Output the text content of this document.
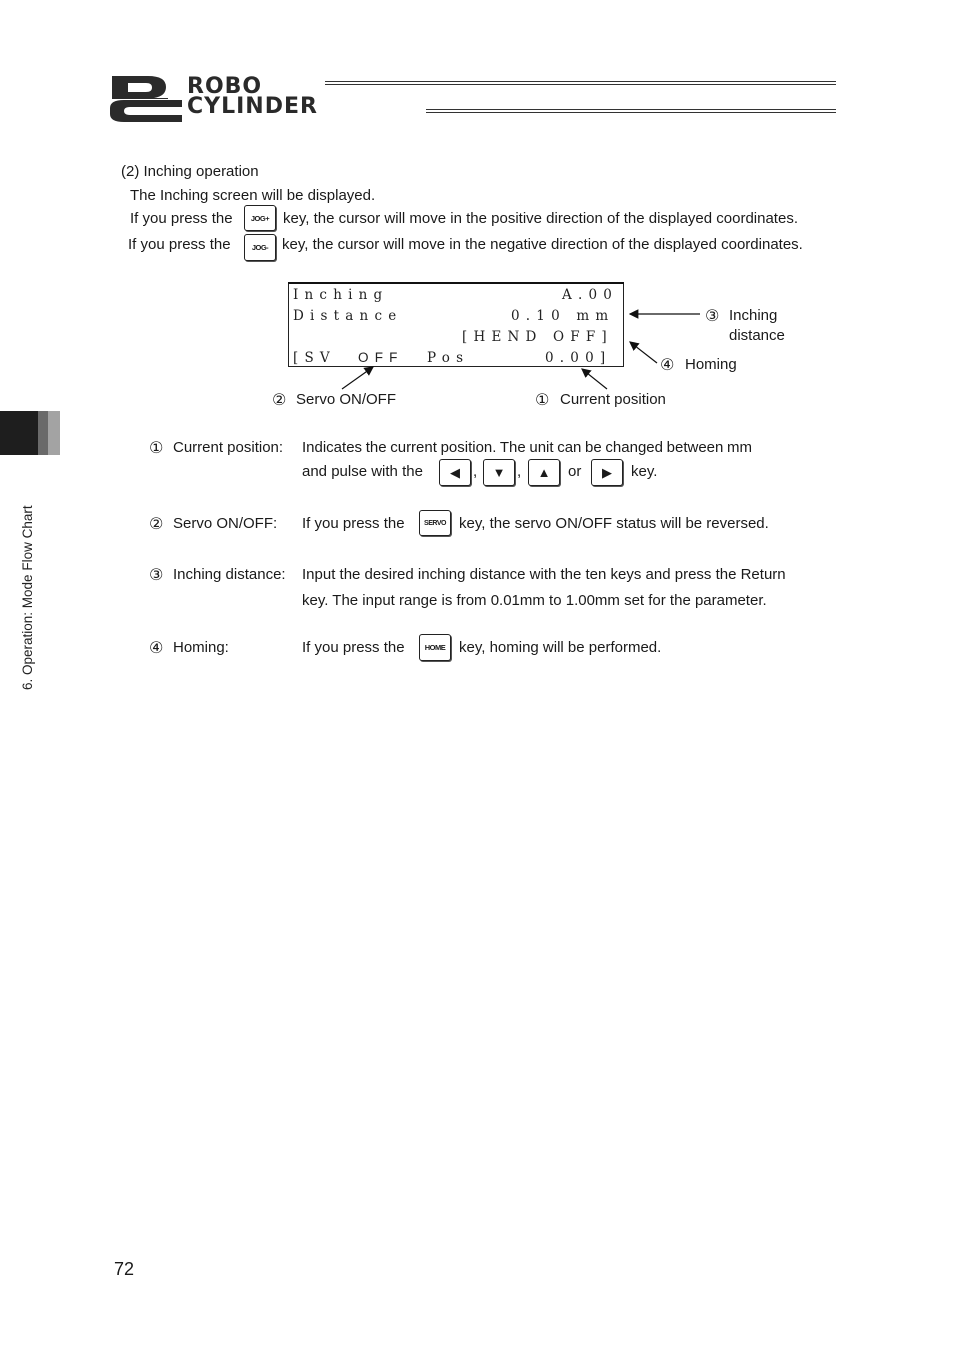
ROBO
CYLINDER
6. Operation: Mode Flow Chart
(2) Inching operation
The Inching screen will be displayed.
If you press the JOG+ key, the cursor will move in the positive direction of the displayed coordinates.
If you press the	JOG- key, the cursor will move in the negative direction of the displayed coordinates.
Inching	A.00
Distance	0.10 mm
[HEND OFF]
[SV OFF Pos	0.00]
③ Inching
distance
④ Homing
② Servo ON/OFF	① Current position
① Current position: Indicates the current position. The unit can be changed between mm
and pulse with the ◀ , ▼ , ▲ or ▶ key.
② Servo ON/OFF: If you press the	SERVO key, the servo ON/OFF status will be reversed.
③ Inching distance: Input the desired inching distance with the ten keys and press the Return
key. The input range is from 0.01mm to 1.00mm set for the parameter.
④ Homing:	If you press the	HOME key, homing will be performed.
72
